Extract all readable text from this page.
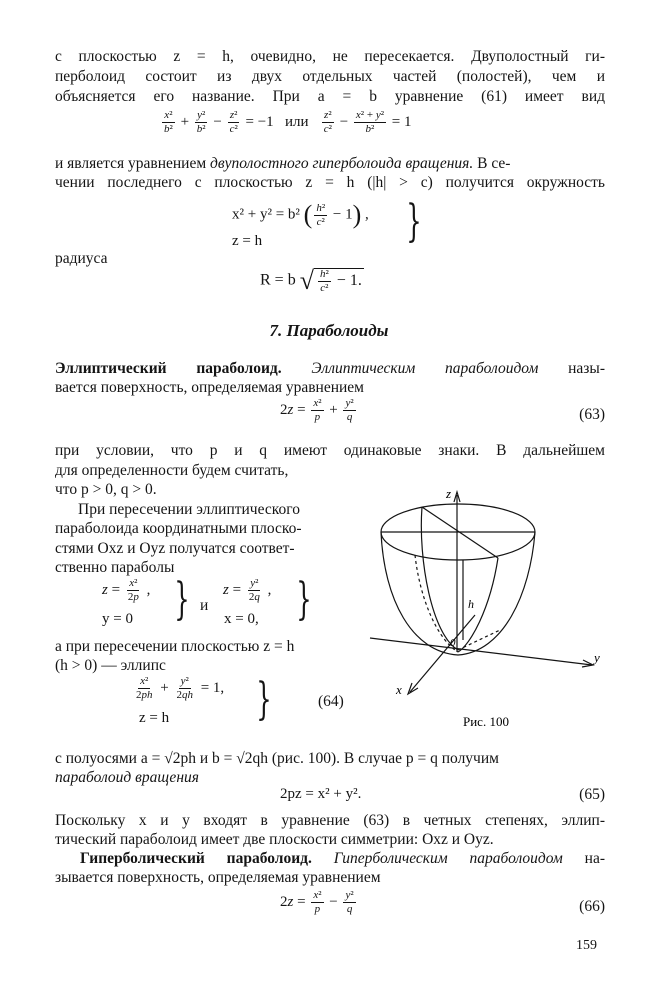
с плоскостью z = h, очевидно, не пересекается. Двуполостный ги-
перболоид состоит из двух отдельных частей (полостей), чем и
объясняется его название. При a = b уравнение (61) имеет вид
$\frac{\text{x²}}{\text{b²}} + \frac{\text{y²}}{\text{b²}} - \frac{\text{z²}}{\text{c²}} = -1$ или $\frac{\text{z²}}{\text{c²}} - \frac{\text{x² + y²}}{\text{b²}} = 1$
и является уравнением двуполостного гиперболоида вращения. В се-
чении последнего с плоскостью z = h (|h| > c) получится окружность
x² + y² = b² ( $\frac{\text{h²}}{\text{c²}} - 1$) ,
z = h	}
радиуса
R = b √ $\frac{\text{h²}}{\text{c²}} - 1$.
7. Параболоиды
Эллиптический параболоид. Эллиптическим параболоидом назы-
вается поверхность, определяемая уравнением
$2z = \frac{\text{x²}}{p} + \frac{\text{y²}}{q}$	(63)
при условии, что p и q имеют одинаковые знаки. В дальнейшем
для определенности будем считать,
что p > 0, q > 0.
При пересечении эллиптического
параболоида координатными плоско-
стями Oxz и Oyz получатся соответ-
ственно параболы
$z = \frac{\text{x²}}{2p}$ ,
y = 0 } и
$z = \frac{\text{y²}}{2q}$ ,
x = 0, }
а при пересечении плоскостью z = h
(h > 0) — эллипс
$\frac{\text{x²}}{2ph} + \frac{\text{y²}}{2qh} = 1$,
z = h }	(64)
z
y
x
h
0
Рис. 100
с полуосями a = √2ph и b = √2qh (рис. 100). В случае p = q получим
параболоид вращения
2pz = x² + y².	(65)
Поскольку x и y входят в уравнение (63) в четных степенях, эллип-
тический параболоид имеет две плоскости симметрии: Oxz и Oyz.
Гиперболический параболоид. Гиперболическим параболоидом на-
зывается поверхность, определяемая уравнением
$2z = \frac{\text{x²}}{p} - \frac{\text{y²}}{q}$	(66)
159
